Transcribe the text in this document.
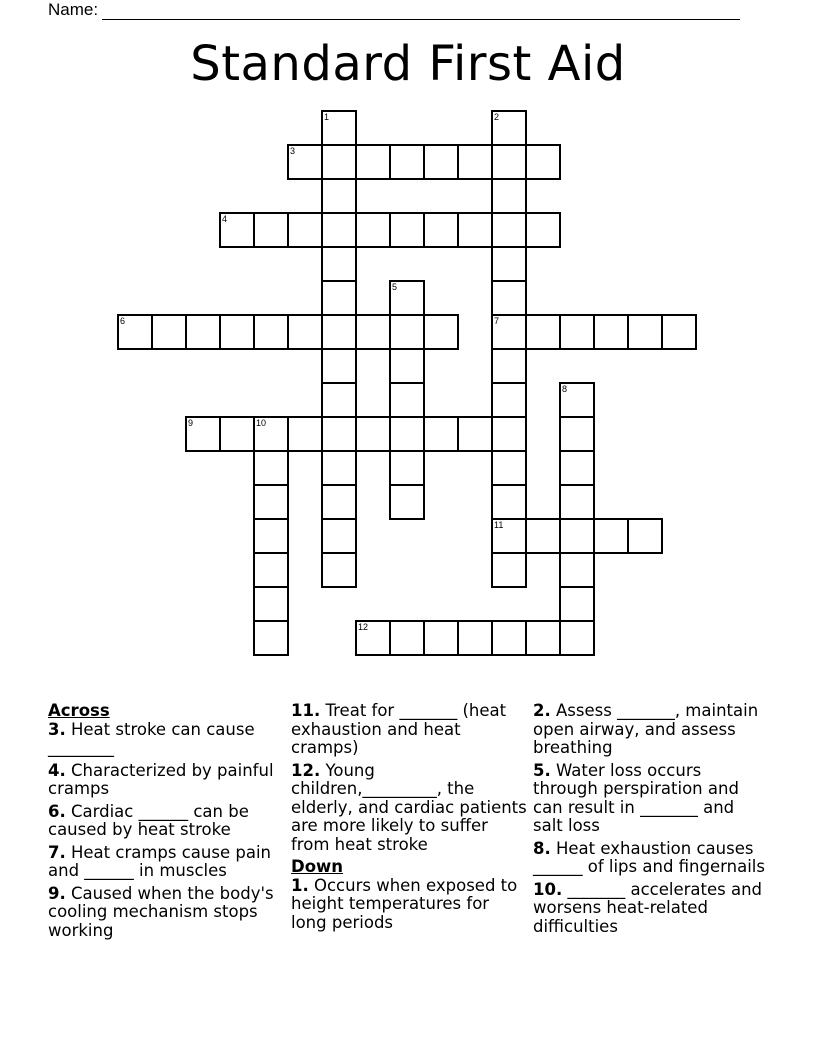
Name:
Standard First Aid
1	2
3
4
5
6	7
8
9	10
11
12
Across
3. Heat stroke can cause ________
4. Characterized by painful cramps
6. Cardiac ______ can be caused by heat stroke
7. Heat cramps cause pain and ______ in muscles
9. Caused when the body's cooling mechanism stops working
11. Treat for _______ (heat exhaustion and heat cramps)
12. Young children,_________, the elderly, and cardiac patients are more likely to suffer from heat stroke
Down
1. Occurs when exposed to height temperatures for long periods
2. Assess _______, maintain open airway, and assess breathing
5. Water loss occurs through perspiration and can result in _______ and salt loss
8. Heat exhaustion causes ______ of lips and fingernails
10. _______ accelerates and worsens heat-related difficulties
